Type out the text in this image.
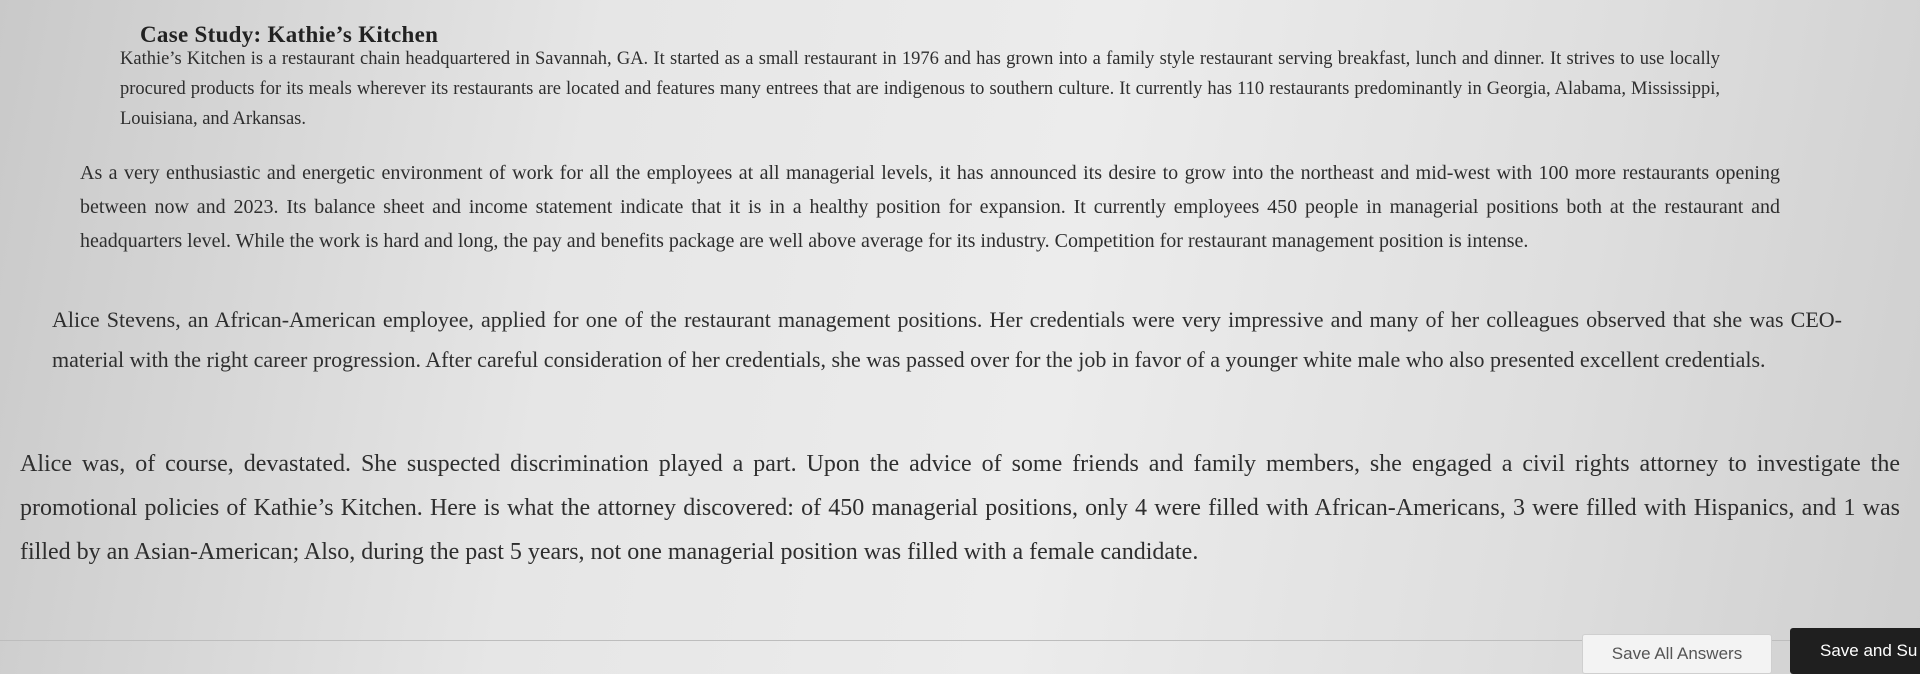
Case Study: Kathie’s Kitchen

Kathie’s Kitchen is a restaurant chain headquartered in Savannah, GA. It started as a small restaurant in 1976 and has grown into a family style restaurant serving breakfast, lunch and dinner. It strives to use locally procured products for its meals wherever its restaurants are located and features many entrees that are indigenous to southern culture. It currently has 110 restaurants predominantly in Georgia, Alabama, Mississippi, Louisiana, and Arkansas.

As a very enthusiastic and energetic environment of work for all the employees at all managerial levels, it has announced its desire to grow into the northeast and mid-west with 100 more restaurants opening between now and 2023. Its balance sheet and income statement indicate that it is in a healthy position for expansion. It currently employees 450 people in managerial positions both at the restaurant and headquarters level. While the work is hard and long, the pay and benefits package are well above average for its industry. Competition for restaurant management position is intense.

Alice Stevens, an African-American employee, applied for one of the restaurant management positions. Her credentials were very impressive and many of her colleagues observed that she was CEO-material with the right career progression. After careful consideration of her credentials, she was passed over for the job in favor of a younger white male who also presented excellent credentials.

Alice was, of course, devastated. She suspected discrimination played a part. Upon the advice of some friends and family members, she engaged a civil rights attorney to investigate the promotional policies of Kathie’s Kitchen. Here is what the attorney discovered: of 450 managerial positions, only 4 were filled with African-Americans, 3 were filled with Hispanics, and 1 was filled by an Asian-American; Also, during the past 5 years, not one managerial position was filled with a female candidate.

Save All Answers	Save and Su
